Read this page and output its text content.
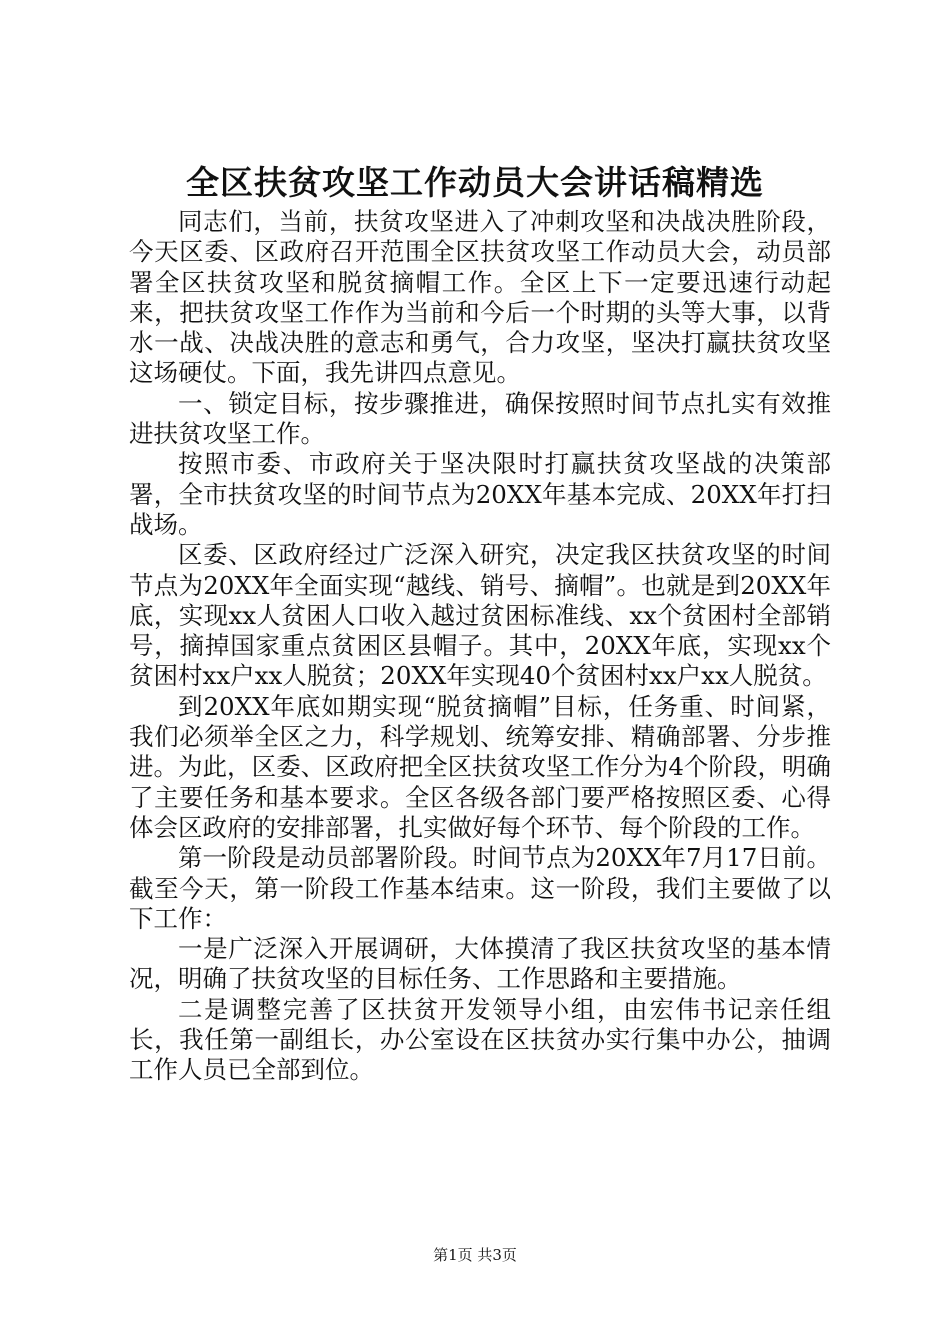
全区扶贫攻坚工作动员大会讲话稿精选

同志们，当前，扶贫攻坚进入了冲刺攻坚和决战决胜阶段，今天区委、区政府召开范围全区扶贫攻坚工作动员大会，动员部署全区扶贫攻坚和脱贫摘帽工作。全区上下一定要迅速行动起来，把扶贫攻坚工作作为当前和今后一个时期的头等大事，以背水一战、决战决胜的意志和勇气，合力攻坚，坚决打赢扶贫攻坚这场硬仗。下面，我先讲四点意见。

一、锁定目标，按步骤推进，确保按照时间节点扎实有效推进扶贫攻坚工作。

按照市委、市政府关于坚决限时打赢扶贫攻坚战的决策部署，全市扶贫攻坚的时间节点为20XX年基本完成、20XX年打扫战场。

区委、区政府经过广泛深入研究，决定我区扶贫攻坚的时间节点为20XX年全面实现“越线、销号、摘帽”。也就是到20XX年底，实现xx人贫困人口收入越过贫困标准线、xx个贫困村全部销号，摘掉国家重点贫困区县帽子。其中，20XX年底，实现xx个贫困村xx户xx人脱贫；20XX年实现40个贫困村xx户xx人脱贫。

到20XX年底如期实现“脱贫摘帽”目标，任务重、时间紧，我们必须举全区之力，科学规划、统筹安排、精确部署、分步推进。为此，区委、区政府把全区扶贫攻坚工作分为4个阶段，明确了主要任务和基本要求。全区各级各部门要严格按照区委、心得体会区政府的安排部署，扎实做好每个环节、每个阶段的工作。

第一阶段是动员部署阶段。时间节点为20XX年7月17日前。截至今天，第一阶段工作基本结束。这一阶段，我们主要做了以下工作：

一是广泛深入开展调研，大体摸清了我区扶贫攻坚的基本情况，明确了扶贫攻坚的目标任务、工作思路和主要措施。

二是调整完善了区扶贫开发领导小组，由宏伟书记亲任组长，我任第一副组长，办公室设在区扶贫办实行集中办公，抽调工作人员已全部到位。

第1页 共3页
